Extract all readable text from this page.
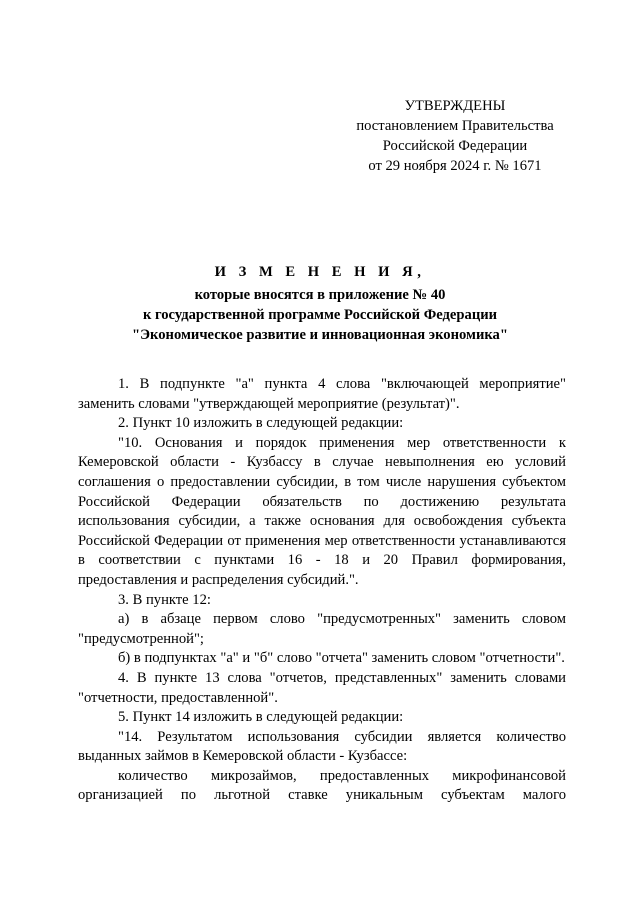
УТВЕРЖДЕНЫ
постановлением Правительства
Российской Федерации
от 29 ноября 2024 г. № 1671
И З М Е Н Е Н И Я,
которые вносятся в приложение № 40
к государственной программе Российской Федерации
"Экономическое развитие и инновационная экономика"

1. В подпункте "а" пункта 4 слова "включающей мероприятие" заменить словами "утверждающей мероприятие (результат)".

2. Пункт 10 изложить в следующей редакции:

"10. Основания и порядок применения мер ответственности к Кемеровской области - Кузбассу в случае невыполнения ею условий соглашения о предоставлении субсидии, в том числе нарушения субъектом Российской Федерации обязательств по достижению результата использования субсидии, а также основания для освобождения субъекта Российской Федерации от применения мер ответственности устанавливаются в соответствии с пунктами 16 - 18 и 20 Правил формирования, предоставления и распределения субсидий.".

3. В пункте 12:

а) в абзаце первом слово "предусмотренных" заменить словом "предусмотренной";

б) в подпунктах "а" и "б" слово "отчета" заменить словом "отчетности".

4. В пункте 13 слова "отчетов, представленных" заменить словами "отчетности, предоставленной".

5. Пункт 14 изложить в следующей редакции:

"14. Результатом использования субсидии является количество выданных займов в Кемеровской области - Кузбассе:

количество микрозаймов, предоставленных микрофинансовой организацией по льготной ставке уникальным субъектам малого
